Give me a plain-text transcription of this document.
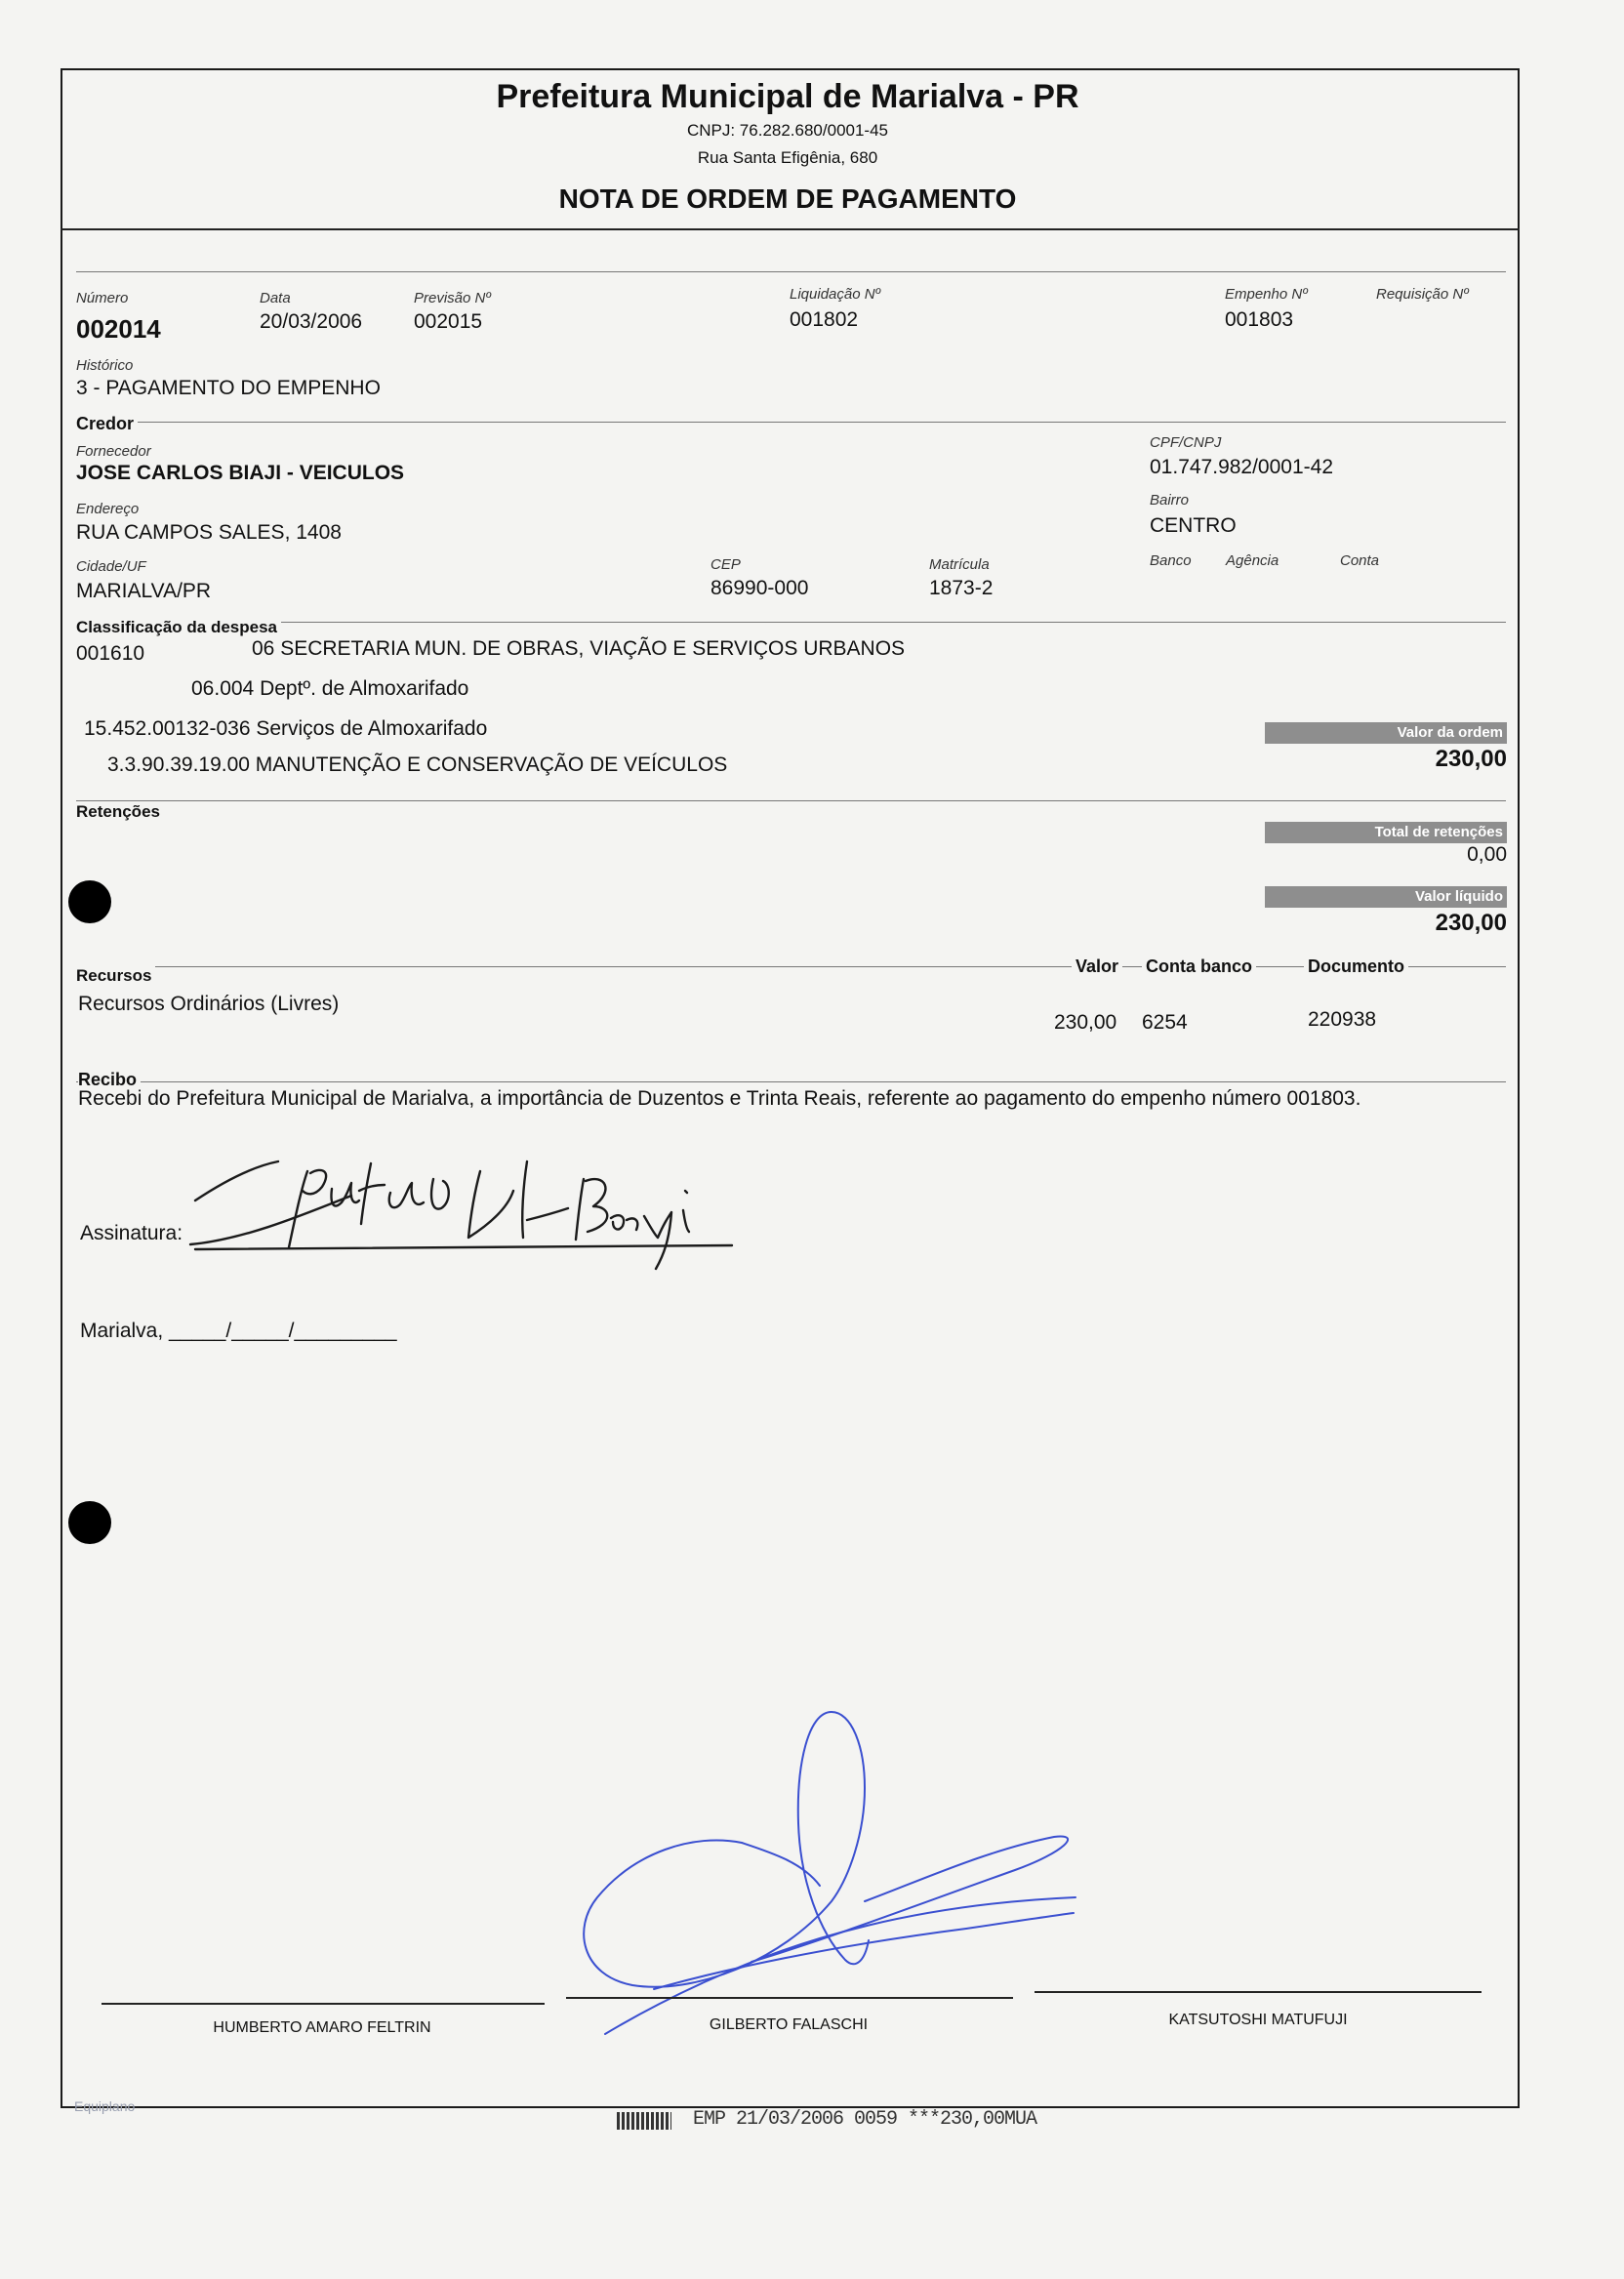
Prefeitura Municipal de Marialva - PR
CNPJ: 76.282.680/0001-45
Rua Santa Efigênia, 680
NOTA DE ORDEM DE PAGAMENTO
Número
002014
Data
20/03/2006
Previsão Nº
002015
Liquidação Nº
001802
Empenho Nº
001803
Requisição Nº
Histórico
3 - PAGAMENTO DO EMPENHO
Credor
Fornecedor
JOSE CARLOS BIAJI - VEICULOS
CPF/CNPJ
01.747.982/0001-42
Endereço
RUA CAMPOS SALES, 1408
Bairro
CENTRO
Cidade/UF
MARIALVA/PR
CEP
86990-000
Matrícula
1873-2
Banco Agência	Conta
Classificação da despesa
001610	06 SECRETARIA MUN. DE OBRAS, VIAÇÃO E SERVIÇOS URBANOS
06.004 Deptº. de Almoxarifado
15.452.00132-036 Serviços de Almoxarifado
3.3.90.39.19.00 MANUTENÇÃO E CONSERVAÇÃO DE VEÍCULOS
Valor da ordem
230,00
Retenções
Total de retenções
0,00
Valor líquido
230,00
Recursos	Valor Conta banco	Documento
Recursos Ordinários (Livres)
230,00 6254	220938
Recibo
Recebi do Prefeitura Municipal de Marialva, a importância de Duzentos e Trinta Reais, referente ao pagamento do empenho número 001803.
Assinatura:
Marialva, _____/_____/_________
HUMBERTO AMARO FELTRIN	GILBERTO FALASCHI	KATSUTOSHI MATUFUJI
Equiplano
EMP 21/03/2006 0059 ***230,00MUA
